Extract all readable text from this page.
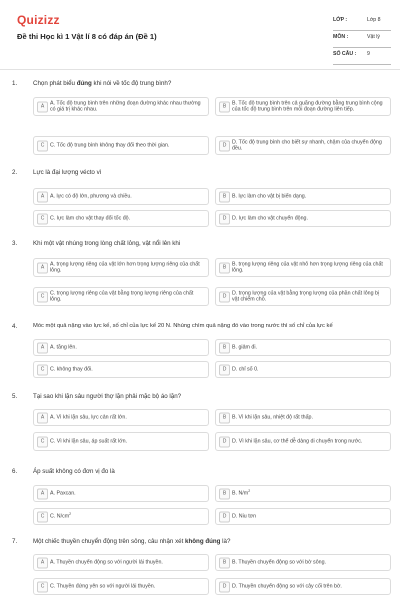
Quizizz
Đề thi Học kì 1 Vật lí 8 có đáp án (Đề 1)
LỚP :	Lớp 8
MÔN :	Vật lý
SỐ CÂU : 9
1.	Chọn phát biểu đúng khi nói về tốc độ trung bình?
A
A. Tốc độ trung bình trên những đoạn đường khác nhau thường có giá trị khác nhau.
B
B. Tốc độ trung bình trên cả quãng đường bằng trung bình cộng của tốc độ trung bình trên mỗi đoạn đường liên tiếp.
C	C. Tốc độ trung bình không thay đổi theo thời gian.	D
D. Tốc độ trung bình cho biết sự nhanh, chậm của chuyển động đều.
2.	Lực là đại lượng vécto vì
A	A. lực có độ lớn, phương và chiều.	B	B. lực làm cho vật bị biến dạng.
C	C. lực làm cho vật thay đổi tốc độ.	D	D. lực làm cho vật chuyển động.
3.	Khi một vật nhúng trong lòng chất lỏng, vật nổi lên khi
A
A. trọng lượng riêng của vật lớn hơn trọng lượng riêng của chất lỏng.
B
B. trọng lượng riêng của vật nhỏ hơn trọng lượng riêng của chất lỏng.
C
C. trọng lượng riêng của vật bằng trọng lượng riêng của chất lỏng.
D
D. trọng lượng của vật bằng trọng lượng của phần chất lỏng bị vật chiếm chỗ.
4.	Móc một quả nặng vào lực kế, số chỉ của lực kế 20 N. Nhúng chìm quả nặng đó vào trong nước thì số chỉ của lực kế
A	A. tăng lên.	B	B. giảm đi.
C	C. không thay đổi.	D	D. chỉ số 0.
5.	Tại sao khi lặn sâu người thợ lặn phải mặc bộ áo lặn?
A	A. Vì khi lặn sâu, lực cản rất lớn.	B	B. Vì khi lặn sâu, nhiệt độ rất thấp.
C	C. Vì khi lặn sâu, áp suất rất lớn.	D	D. Vì khi lặn sâu, cơ thể dễ dàng di chuyển trong nước.
6.	Áp suất không có đơn vị đo là
A	A. Paxcan.	B	B. $N/m^2$
C	C. $N/cm^2$	D	D. Niu tơn
7.	Một chiếc thuyền chuyển động trên sông, câu nhận xét không đúng là?
A	A. Thuyền chuyển động so với người lái thuyền.	B	B. Thuyền chuyển động so với bờ sông.
C	C. Thuyền đứng yên so với người lái thuyền.	D	D. Thuyền chuyển động so với cây cối trên bờ.
